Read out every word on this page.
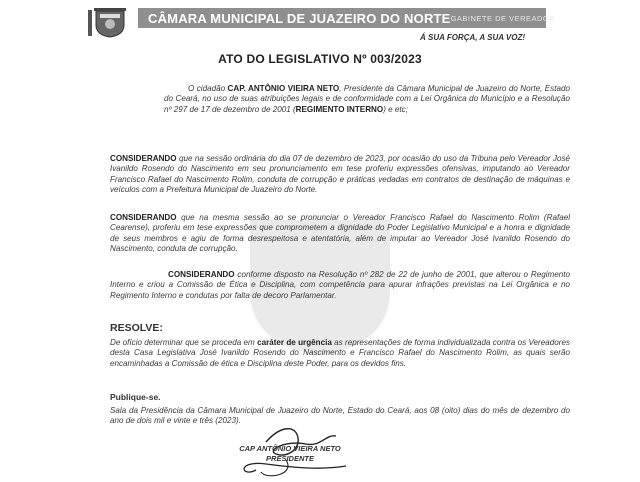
CÂMARA MUNICIPAL DE JUAZEIRO DO NORTE GABINETE DE VEREADOR
Á SUA FORÇA, A SUA VOZ!
ATO DO LEGISLATIVO Nº 003/2023
O cidadão CAP. ANTÔNIO VIEIRA NETO, Presidente da Câmara Municipal de Juazeiro do Norte, Estado do Ceará, no uso de suas atribuições legais e de conformidade com a Lei Orgânica do Município e a Resolução nº 297 de 17 de dezembro de 2001 (REGIMENTO INTERNO) e etc;
CONSIDERANDO que na sessão ordinária do dia 07 de dezembro de 2023, por ocasião do uso da Tribuna pelo Vereador José Ivanildo Rosendo do Nascimento em seu pronunciamento em tese proferiu expressões ofensivas, imputando ao Vereador Francisco Rafael do Nascimento Rolim, conduta de corrupção e práticas vedadas em contratos de destinação de máquinas e veículos com a Prefeitura Municipal de Juazeiro do Norte.
CONSIDERANDO que na mesma sessão ao se pronunciar o Vereador Francisco Rafael do Nascimento Rolim (Rafael Cearense), proferiu em tese expressões que comprometem a dignidade do Poder Legislativo Municipal e a honra e dignidade de seus membros e agiu de forma desrespeitosa e atentatória, além de imputar ao Vereador José Ivanildo Rosendo do Nascimento, conduta de corrupção.
CONSIDERANDO conforme disposto na Resolução nº 282 de 22 de junho de 2001, que alterou o Regimento Interno e criou a Comissão de Ética e Disciplina, com competência para apurar infrações previstas na Lei Orgânica e no Regimento Interno e condutas por falta de decoro Parlamentar.
RESOLVE:
De ofício determinar que se proceda em caráter de urgência as representações de forma individualizada contra os Vereadores desta Casa Legislativa José Ivanildo Rosendo do Nascimento e Francisco Rafael do Nascimento Rolim, as quais serão encaminhadas a Comissão de ética e Disciplina deste Poder, para os devidos fins.
Publique-se.
Sala da Presidência da Câmara Municipal de Juazeiro do Norte, Estado do Ceará, aos 08 (oito) dias do mês de dezembro do ano de dois mil e vinte e três (2023).
CAP ANTÔNIO VIEIRA NETO
PRESIDENTE
